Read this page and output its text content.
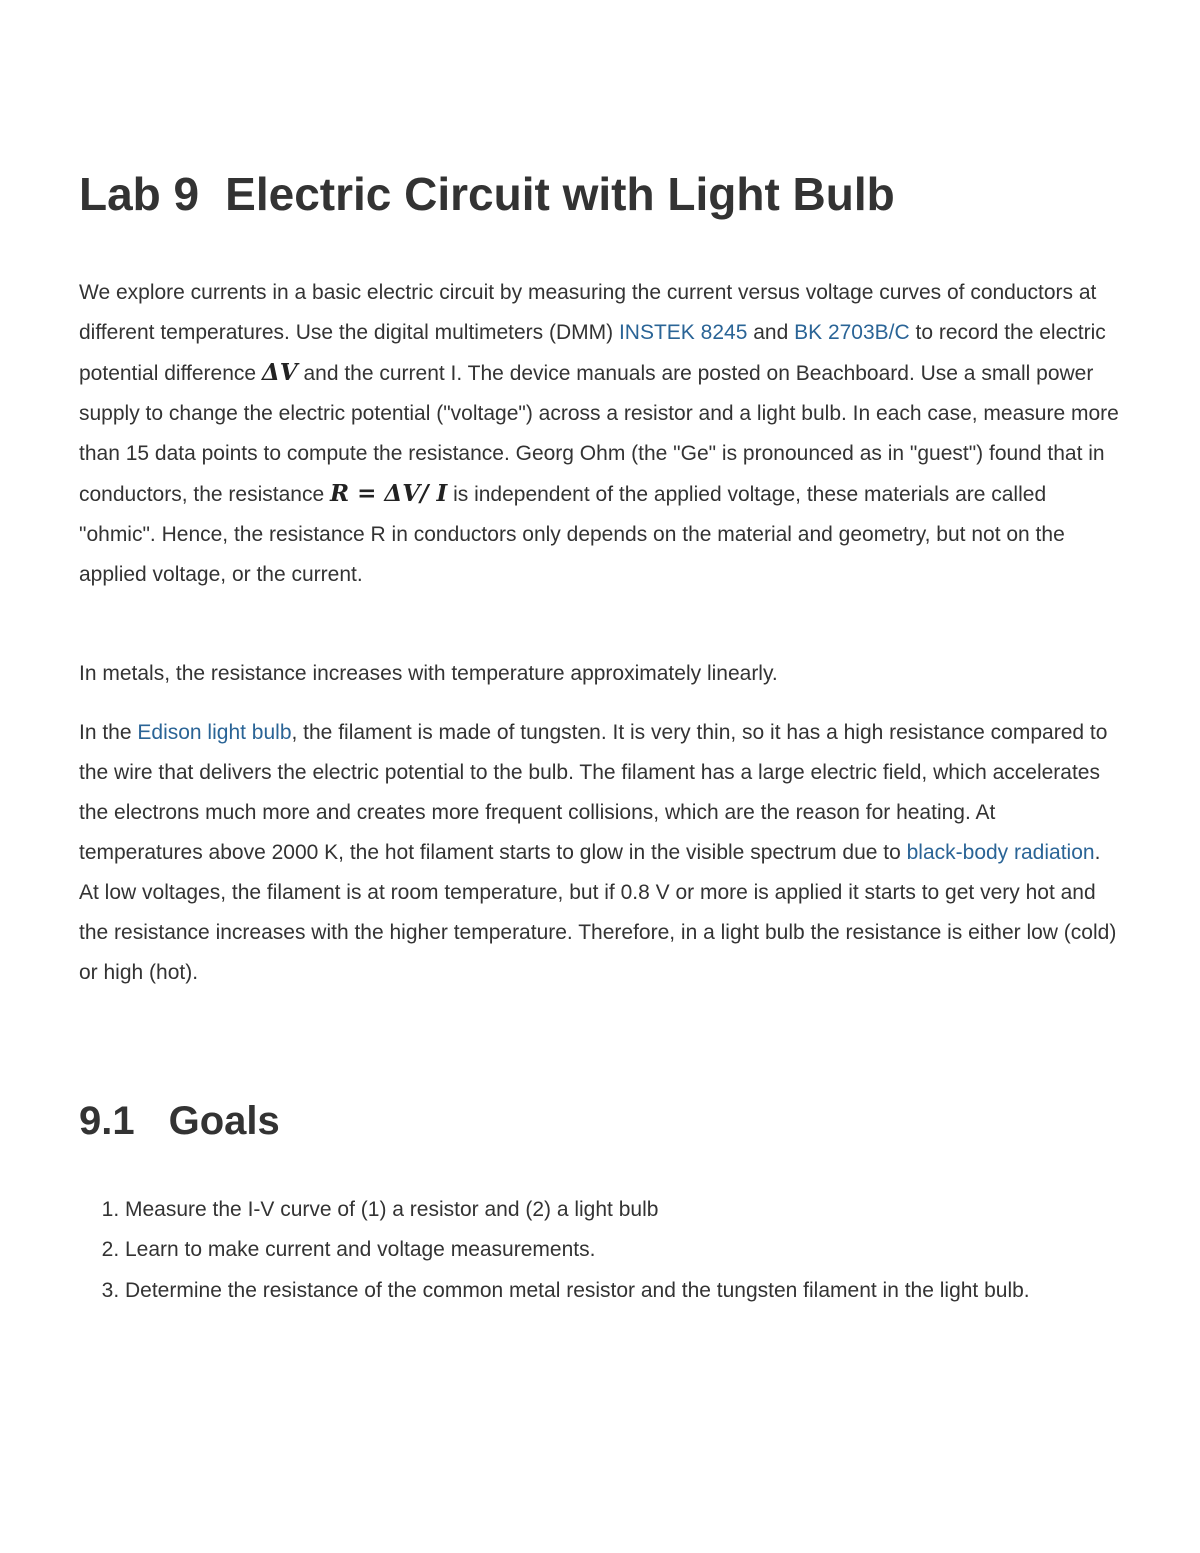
Lab 9 Electric Circuit with Light Bulb

We explore currents in a basic electric circuit by measuring the current versus voltage curves of conductors at different temperatures. Use the digital multimeters (DMM) INSTEK 8245 and BK 2703B/C to record the electric potential difference ΔV and the current I. The device manuals are posted on Beachboard. Use a small power supply to change the electric potential ("voltage") across a resistor and a light bulb. In each case, measure more than 15 data points to compute the resistance. Georg Ohm (the "Ge" is pronounced as in "guest") found that in conductors, the resistance R = ΔV/ I is independent of the applied voltage, these materials are called "ohmic". Hence, the resistance R in conductors only depends on the material and geometry, but not on the applied voltage, or the current.

In metals, the resistance increases with temperature approximately linearly.

In the Edison light bulb, the filament is made of tungsten. It is very thin, so it has a high resistance compared to the wire that delivers the electric potential to the bulb. The filament has a large electric field, which accelerates the electrons much more and creates more frequent collisions, which are the reason for heating. At temperatures above 2000 K, the hot filament starts to glow in the visible spectrum due to black-body radiation. At low voltages, the filament is at room temperature, but if 0.8 V or more is applied it starts to get very hot and the resistance increases with the higher temperature. Therefore, in a light bulb the resistance is either low (cold) or high (hot).

9.1 Goals
1. Measure the I-V curve of (1) a resistor and (2) a light bulb
2. Learn to make current and voltage measurements.
3. Determine the resistance of the common metal resistor and the tungsten filament in the light bulb.
